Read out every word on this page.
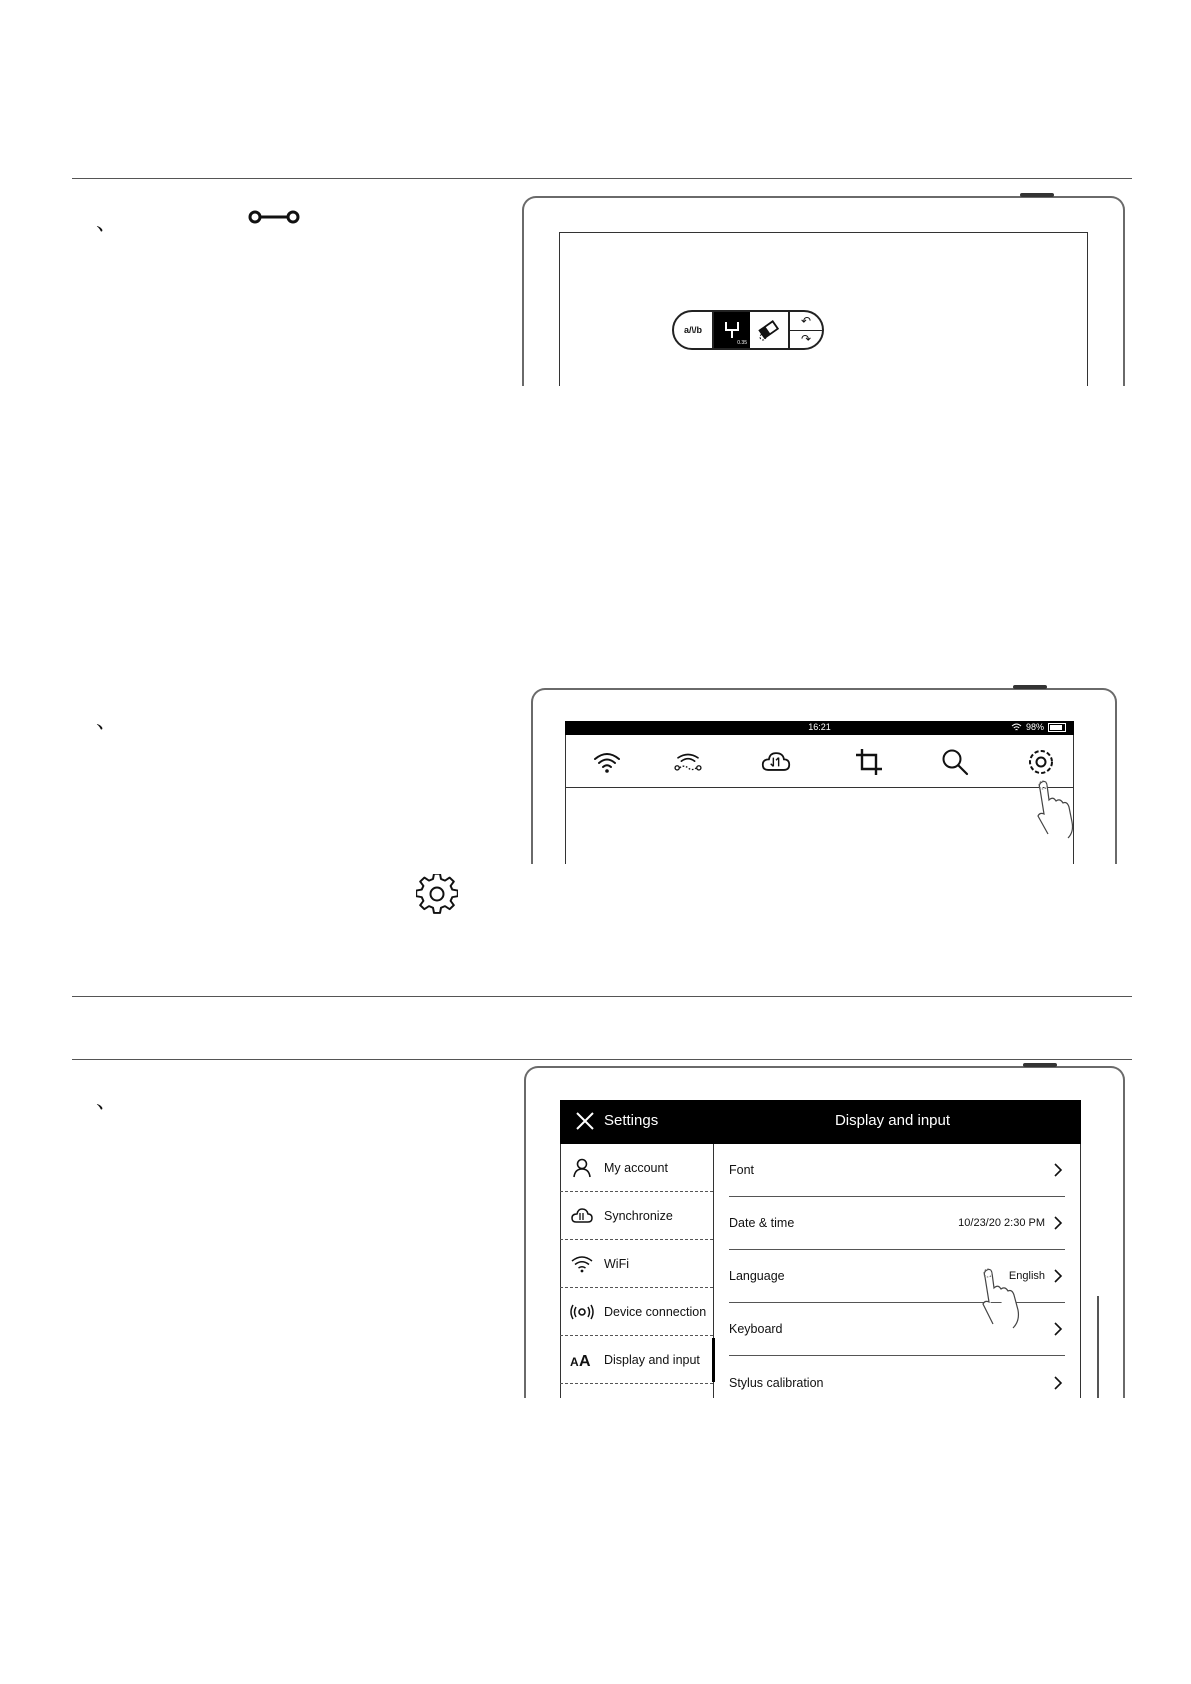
、
a/\/b
0.35
↶
↷
、	16:21	98%
、
Settings	Display and input
My account
Synchronize
WiFi
Device connection
A A Display and input
Font
Date & time	10/23/20 2:30 PM
Language	English
Keyboard
Stylus calibration
